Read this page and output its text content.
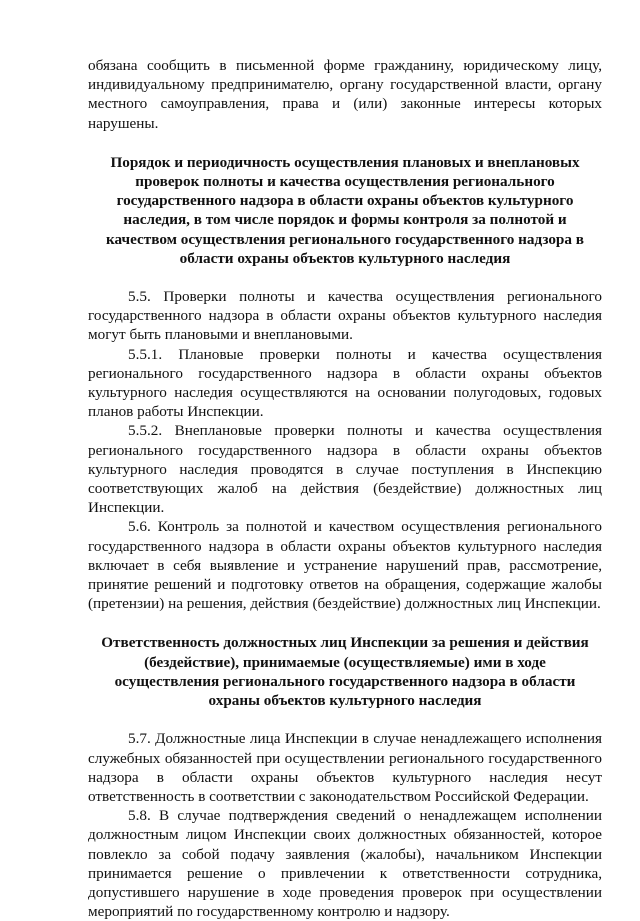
обязана сообщить в письменной форме гражданину, юридическому лицу, индивидуальному предпринимателю, органу государственной власти, органу местного самоуправления, права и (или) законные интересы которых нарушены.

Порядок и периодичность осуществления плановых и внеплановых проверок полноты и качества осуществления регионального государственного надзора в области охраны объектов культурного наследия, в том числе порядок и формы контроля за полнотой и качеством осуществления регионального государственного надзора в области охраны объектов культурного наследия

5.5. Проверки полноты и качества осуществления регионального государственного надзора в области охраны объектов культурного наследия могут быть плановыми и внеплановыми.

5.5.1. Плановые проверки полноты и качества осуществления регионального государственного надзора в области охраны объектов культурного наследия осуществляются на основании полугодовых, годовых планов работы Инспекции.

5.5.2. Внеплановые проверки полноты и качества осуществления регионального государственного надзора в области охраны объектов культурного наследия проводятся в случае поступления в Инспекцию соответствующих жалоб на действия (бездействие) должностных лиц Инспекции.

5.6. Контроль за полнотой и качеством осуществления регионального государственного надзора в области охраны объектов культурного наследия включает в себя выявление и устранение нарушений прав, рассмотрение, принятие решений и подготовку ответов на обращения, содержащие жалобы (претензии) на решения, действия (бездействие) должностных лиц Инспекции.

Ответственность должностных лиц Инспекции за решения и действия (бездействие), принимаемые (осуществляемые) ими в ходе осуществления регионального государственного надзора в области охраны объектов культурного наследия

5.7. Должностные лица Инспекции в случае ненадлежащего исполнения служебных обязанностей при осуществлении регионального государственного надзора в области охраны объектов культурного наследия несут ответственность в соответствии с законодательством Российской Федерации.

5.8. В случае подтверждения сведений о ненадлежащем исполнении должностным лицом Инспекции своих должностных обязанностей, которое повлекло за собой подачу заявления (жалобы), начальником Инспекции принимается решение о привлечении к ответственности сотрудника, допустившего нарушение в ходе проведения проверок при осуществлении мероприятий по государственному контролю и надзору.
